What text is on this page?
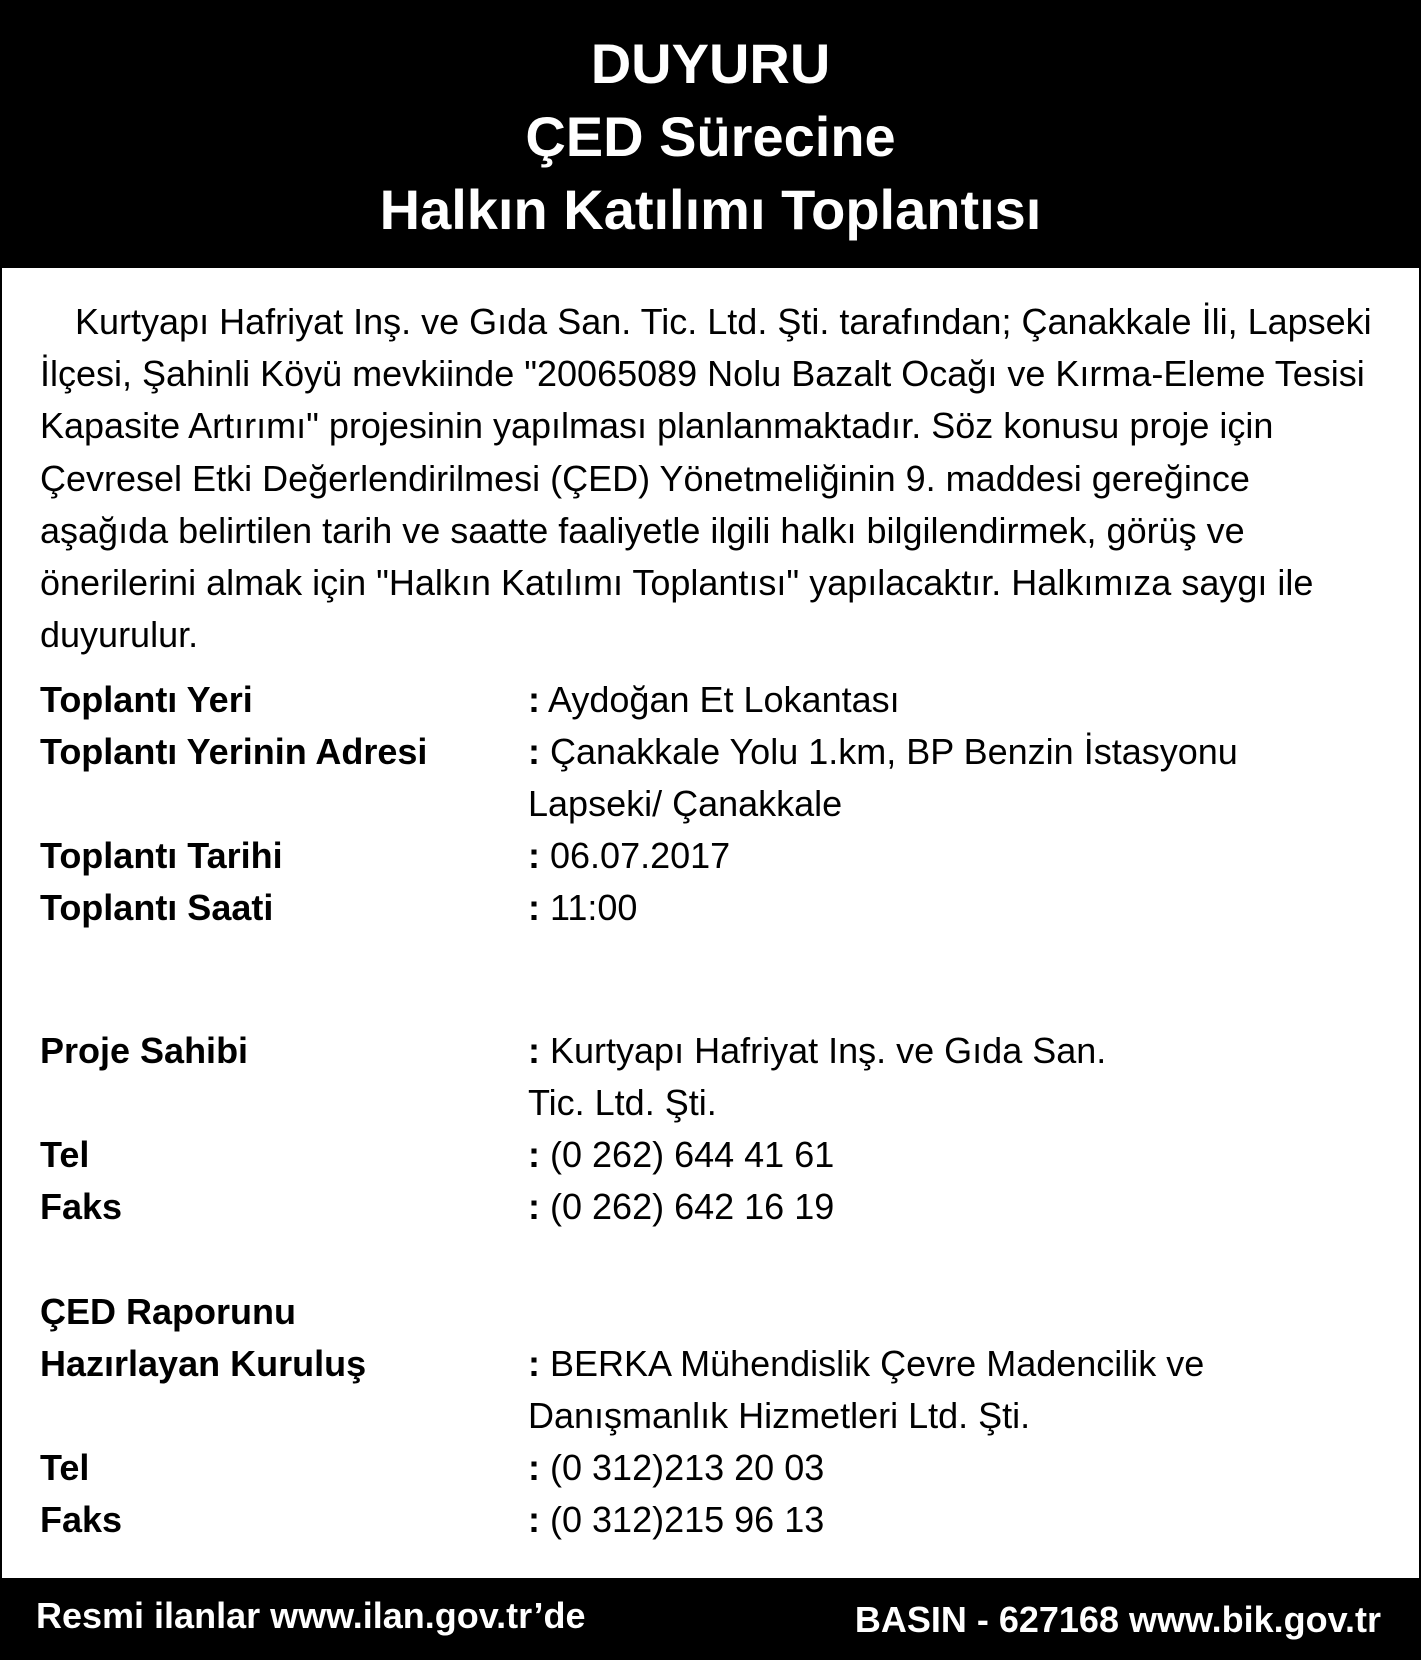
DUYURU
ÇED Sürecine
Halkın Katılımı Toplantısı

Kurtyapı Hafriyat Inş. ve Gıda San. Tic. Ltd. Şti. tarafından; Çanakkale İli, Lapseki İlçesi, Şahinli Köyü mevkiinde "20065089 Nolu Bazalt Ocağı ve Kırma-Eleme Tesisi Kapasite Artırımı" projesinin yapılması planlanmaktadır. Söz konusu proje için Çevresel Etki Değerlendirilmesi (ÇED) Yönetmeliğinin 9. maddesi gereğince aşağıda belirtilen tarih ve saatte faaliyetle ilgili halkı bilgilendirmek, görüş ve önerilerini almak için "Halkın Katılımı Toplantısı" yapılacaktır. Halkımıza saygı ile duyurulur.

Toplantı Yeri	: Aydoğan Et Lokantası
Toplantı Yerinin Adresi	: Çanakkale Yolu 1.km, BP Benzin İstasyonu
Lapseki/ Çanakkale
Toplantı Tarihi	: 06.07.2017
Toplantı Saati	: 11:00
Proje Sahibi	: Kurtyapı Hafriyat Inş. ve Gıda San.
Tic. Ltd. Şti.
Tel	: (0 262) 644 41 61
Faks	: (0 262) 642 16 19
ÇED Raporunu
Hazırlayan Kuruluş	: BERKA Mühendislik Çevre Madencilik ve
Danışmanlık Hizmetleri Ltd. Şti.
Tel	: (0 312)213 20 03
Faks	: (0 312)215 96 13
Resmi ilanlar www.ilan.gov.tr’de	BASIN - 627168 www.bik.gov.tr
